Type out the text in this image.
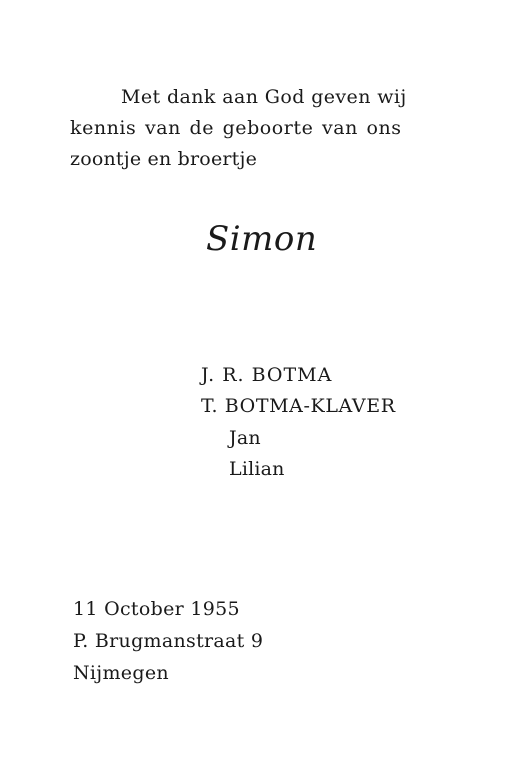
Met dank aan God geven wij
kennis van de geboorte van ons
zoontje en broertje
Simon
J. R. BOTMA
T. BOTMA-KLAVER
Jan
Lilian
11 October 1955
P. Brugmanstraat 9
Nijmegen
